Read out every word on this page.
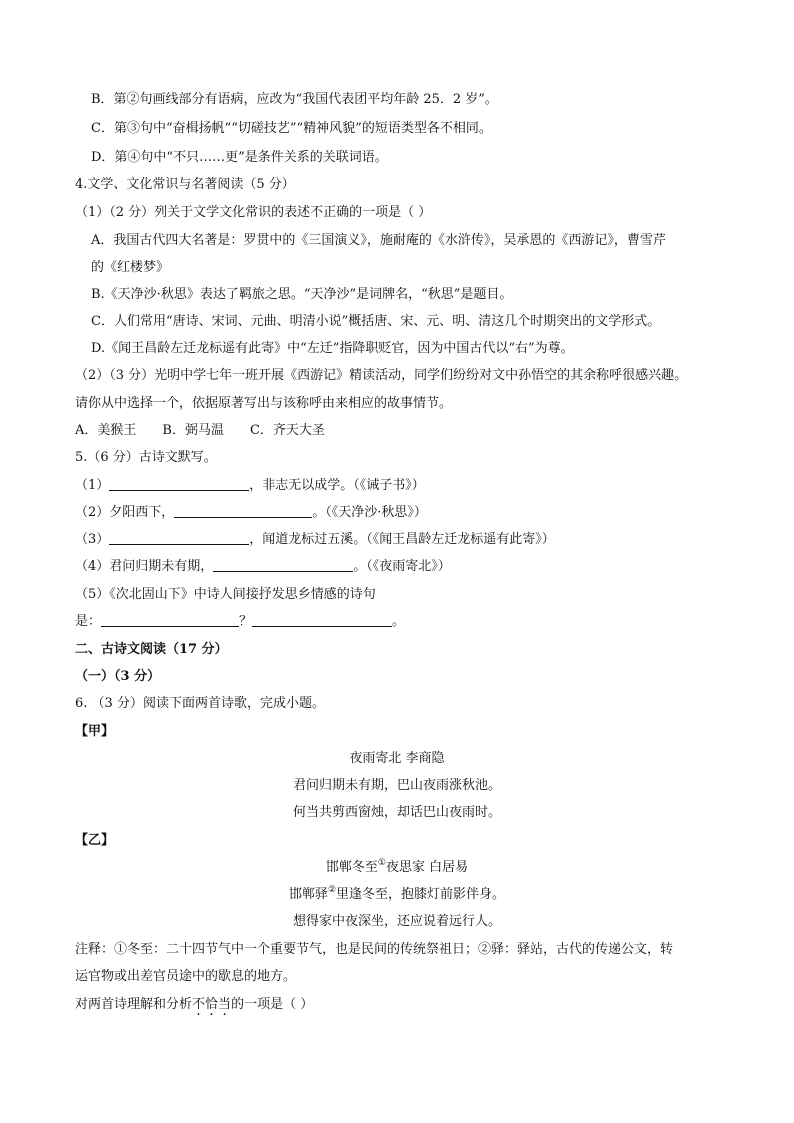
B．第②句画线部分有语病，应改为“我国代表团平均年龄 25．2 岁”。
C．第③句中“奋楫扬帆”“切磋技艺”“精神风貌”的短语类型各不相同。
D．第④句中“不只……更”是条件关系的关联词语。
4.文学、文化常识与名著阅读（5 分）
（1）（2 分）列关于文学文化常识的表述不正确的一项是（ ）
A．我国古代四大名著是：罗贯中的《三国演义》，施耐庵的《水浒传》，吴承恩的《西游记》，曹雪芹
的《红楼梦》
B.《天净沙·秋思》表达了羁旅之思。“天净沙”是词牌名，“秋思”是题目。
C．人们常用“唐诗、宋词、元曲、明清小说”概括唐、宋、元、明、清这几个时期突出的文学形式。
D.《闻王昌龄左迁龙标遥有此寄》中“左迁”指降职贬官，因为中国古代以“右”为尊。
（2）（3 分）光明中学七年一班开展《西游记》精读活动，同学们纷纷对文中孙悟空的其余称呼很感兴趣。
请你从中选择一个，依据原著写出与该称呼由来相应的故事情节。
A．美猴王 B．弼马温 C．齐天大圣
5.（6 分）古诗文默写。
（1）	，非志无以成学。（《诫子书》）
（2）夕阳西下，	。（《天净沙·秋思》）
（3）	，闻道龙标过五溪。（《闻王昌龄左迁龙标遥有此寄》）
（4）君问归期未有期，	。（《夜雨寄北》）
（5）《次北固山下》中诗人间接抒发思乡情感的诗句
是：	？	。
二、古诗文阅读（17 分）
（一）（3 分）
6. （3 分）阅读下面两首诗歌，完成小题。
【甲】
夜雨寄北 李商隐
君问归期未有期，巴山夜雨涨秋池。
何当共剪西窗烛，却话巴山夜雨时。
【乙】
邯郸冬至①夜思家 白居易
邯郸驿②里逢冬至，抱膝灯前影伴身。
想得家中夜深坐，还应说着远行人。
注释：①冬至：二十四节气中一个重要节气，也是民间的传统祭祖日；②驿：驿站，古代的传递公文，转
运官物或出差官员途中的歇息的地方。
对两首诗理解和分析不恰当的一项是（ ）
